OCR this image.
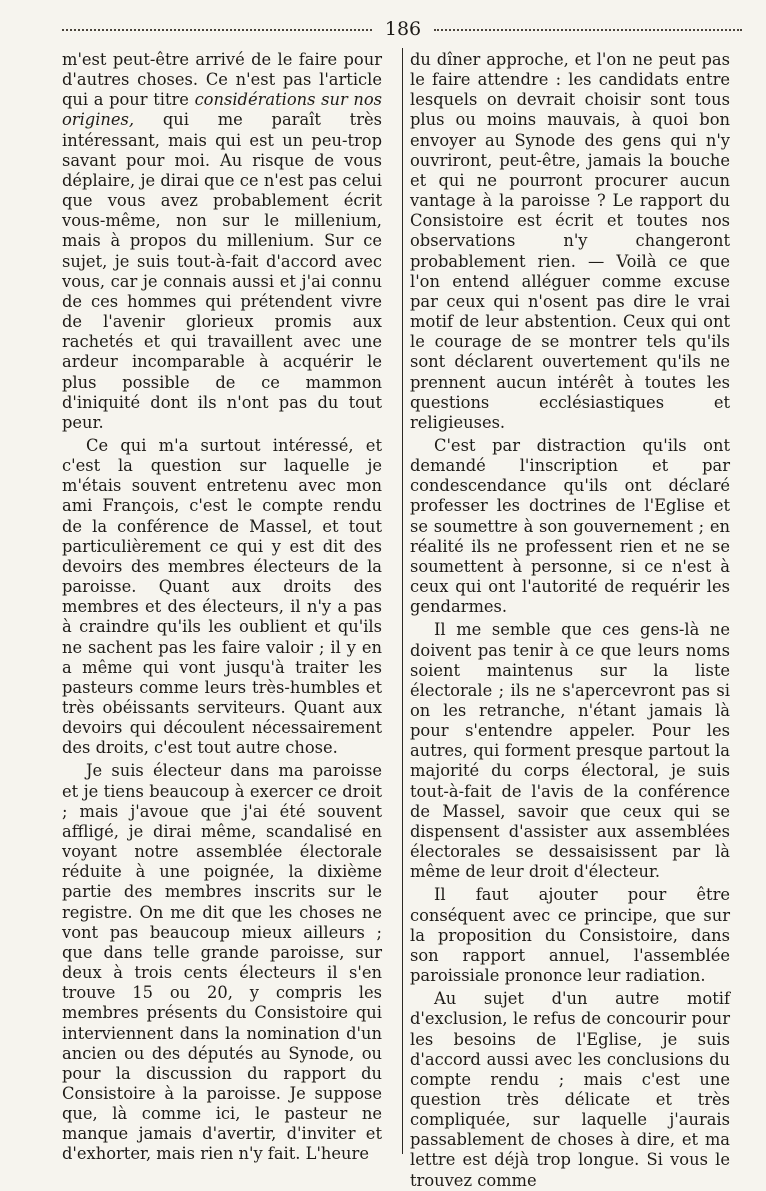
186

m'est peut-être arrivé de le faire pour d'autres choses. Ce n'est pas l'article qui a pour titre considérations sur nos origines, qui me paraît très intéressant, mais qui est un peu-trop savant pour moi. Au risque de vous déplaire, je dirai que ce n'est pas celui que vous avez probablement écrit vous-même, non sur le millenium, mais à propos du millenium. Sur ce sujet, je suis tout-à-fait d'accord avec vous, car je connais aussi et j'ai connu de ces hommes qui prétendent vivre de l'avenir glorieux promis aux rachetés et qui travaillent avec une ardeur incomparable à acquérir le plus possible de ce mammon d'iniquité dont ils n'ont pas du tout peur.

Ce qui m'a surtout intéressé, et c'est la question sur laquelle je m'étais souvent entretenu avec mon ami François, c'est le compte rendu de la conférence de Massel, et tout particulièrement ce qui y est dit des devoirs des membres électeurs de la paroisse. Quant aux droits des membres et des électeurs, il n'y a pas à craindre qu'ils les oublient et qu'ils ne sachent pas les faire valoir ; il y en a même qui vont jusqu'à traiter les pasteurs comme leurs très-humbles et très obéissants serviteurs. Quant aux devoirs qui découlent nécessairement des droits, c'est tout autre chose.

Je suis électeur dans ma paroisse et je tiens beaucoup à exercer ce droit ; mais j'avoue que j'ai été souvent affligé, je dirai même, scandalisé en voyant notre assemblée électorale réduite à une poignée, la dixième partie des membres inscrits sur le registre. On me dit que les choses ne vont pas beaucoup mieux ailleurs ; que dans telle grande paroisse, sur deux à trois cents électeurs il s'en trouve 15 ou 20, y compris les membres présents du Consistoire qui interviennent dans la nomination d'un ancien ou des députés au Synode, ou pour la discussion du rapport du Consistoire à la paroisse. Je suppose que, là comme ici, le pasteur ne manque jamais d'avertir, d'inviter et d'exhorter, mais rien n'y fait. L'heure

du dîner approche, et l'on ne peut pas le faire attendre : les candidats entre lesquels on devrait choisir sont tous plus ou moins mauvais, à quoi bon envoyer au Synode des gens qui n'y ouvriront, peut-être, jamais la bouche et qui ne pourront procurer aucun vantage à la paroisse ? Le rapport du Consistoire est écrit et toutes nos observations n'y changeront probablement rien. — Voilà ce que l'on entend alléguer comme excuse par ceux qui n'osent pas dire le vrai motif de leur abstention. Ceux qui ont le courage de se montrer tels qu'ils sont déclarent ouvertement qu'ils ne prennent aucun intérêt à toutes les questions ecclésiastiques et religieuses.

C'est par distraction qu'ils ont demandé l'inscription et par condescendance qu'ils ont déclaré professer les doctrines de l'Eglise et se soumettre à son gouvernement ; en réalité ils ne professent rien et ne se soumettent à personne, si ce n'est à ceux qui ont l'autorité de requérir les gendarmes.

Il me semble que ces gens-là ne doivent pas tenir à ce que leurs noms soient maintenus sur la liste électorale ; ils ne s'apercevront pas si on les retranche, n'étant jamais là pour s'entendre appeler. Pour les autres, qui forment presque partout la majorité du corps électoral, je suis tout-à-fait de l'avis de la conférence de Massel, savoir que ceux qui se dispensent d'assister aux assemblées électorales se dessaisissent par là même de leur droit d'électeur.

Il faut ajouter pour être conséquent avec ce principe, que sur la proposition du Consistoire, dans son rapport annuel, l'assemblée paroissiale prononce leur radiation.

Au sujet d'un autre motif d'exclusion, le refus de concourir pour les besoins de l'Eglise, je suis d'accord aussi avec les conclusions du compte rendu ; mais c'est une question très délicate et très compliquée, sur laquelle j'aurais passablement de choses à dire, et ma lettre est déjà trop longue. Si vous le trouvez comme
